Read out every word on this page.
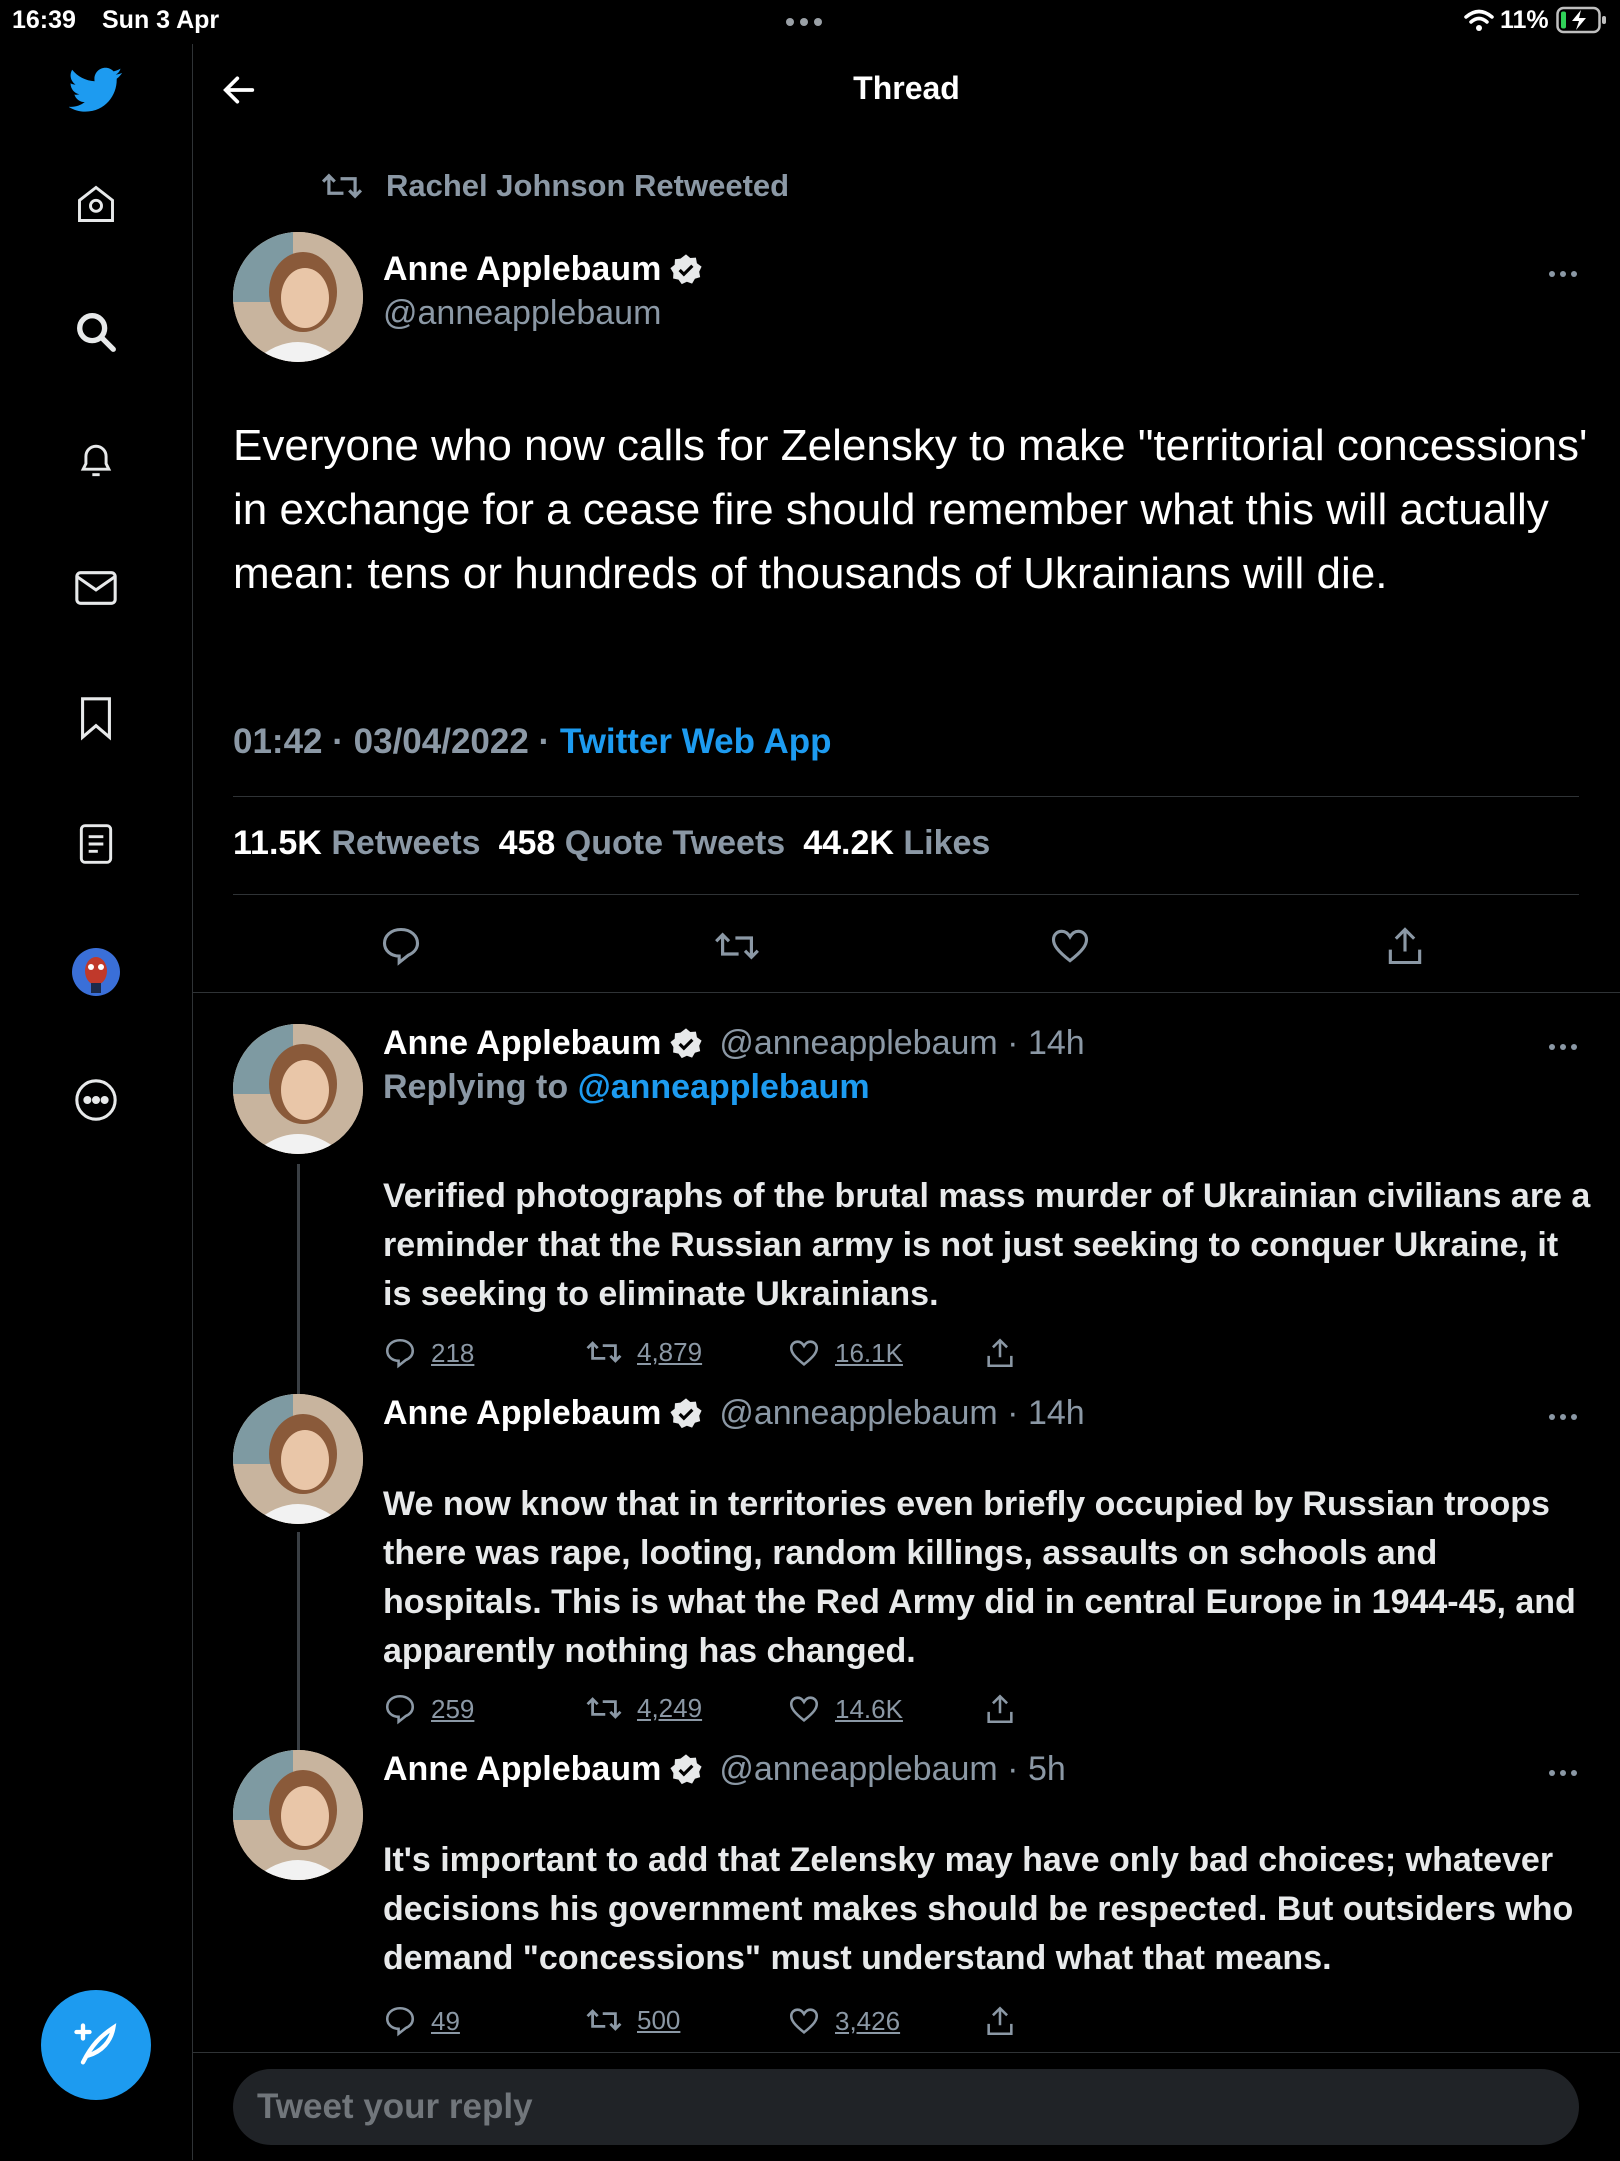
16:39 Sun 3 Apr	11%
Thread
Rachel Johnson Retweeted
Anne Applebaum
@anneapplebaum
Everyone who now calls for Zelensky to make "territorial concessions' in exchange for a cease fire should remember what this will actually mean: tens or hundreds of thousands of Ukrainians will die.
01:42 · 03/04/2022 · Twitter Web App
11.5K Retweets 458 Quote Tweets 44.2K Likes
Anne Applebaum @anneapplebaum · 14h
Replying to @anneapplebaum
Verified photographs of the brutal mass murder of Ukrainian civilians are a reminder that the Russian army is not just seeking to conquer Ukraine, it is seeking to eliminate Ukrainians.
218	4,879	16.1K
Anne Applebaum @anneapplebaum · 14h
We now know that in territories even briefly occupied by Russian troops there was rape, looting, random killings, assaults on schools and hospitals. This is what the Red Army did in central Europe in 1944-45, and apparently nothing has changed.
259	4,249	14.6K
Anne Applebaum @anneapplebaum · 5h
It's important to add that Zelensky may have only bad choices; whatever decisions his government makes should be respected. But outsiders who demand "concessions" must understand what that means.
49	500	3,426
Tweet your reply
